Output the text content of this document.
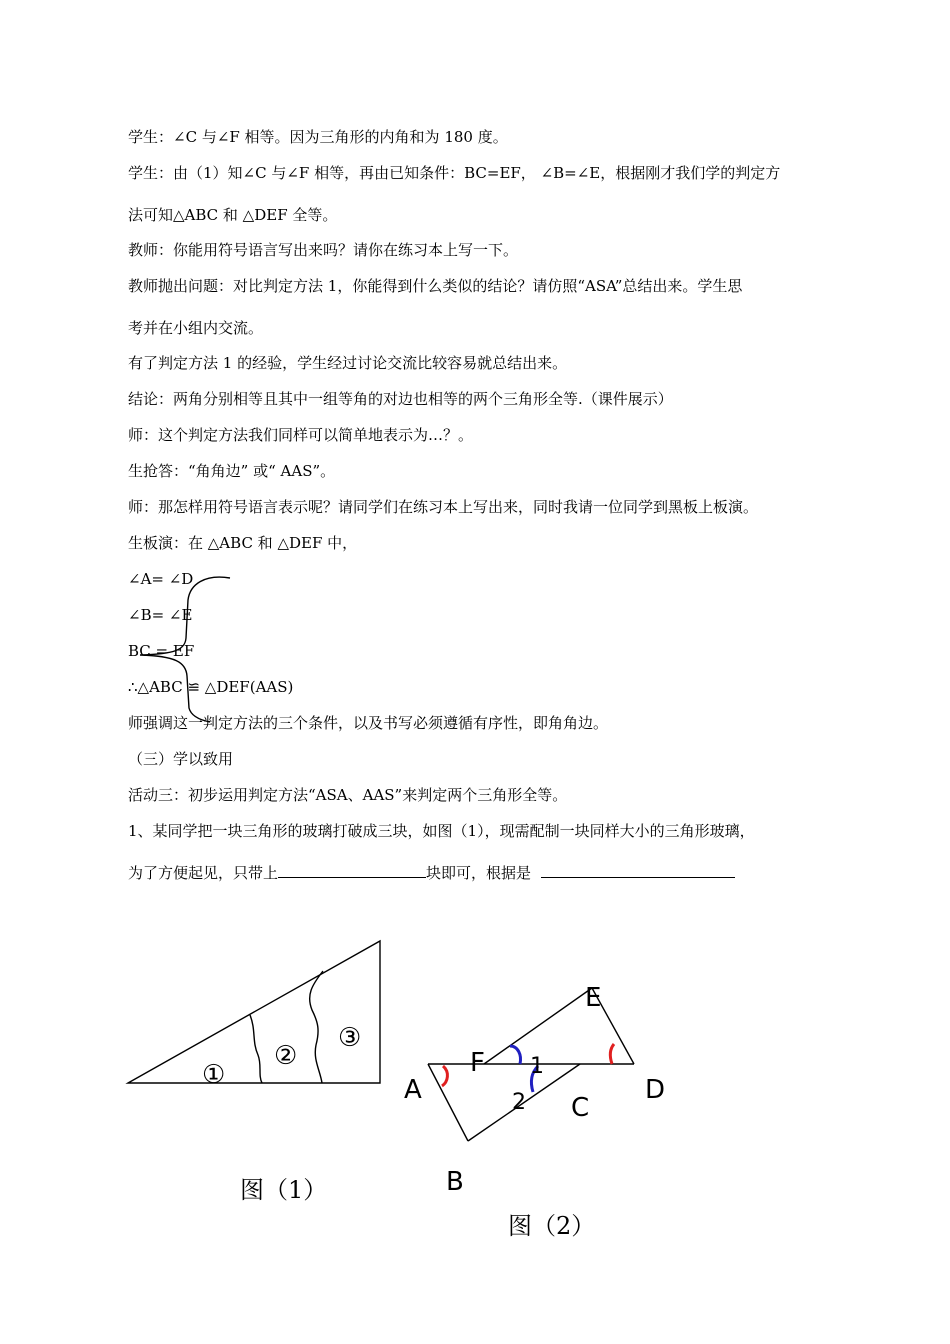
学生：∠C 与∠F 相等。因为三角形的内角和为 180 度。
学生：由（1）知∠C 与∠F 相等，再由已知条件：BC=EF， ∠B=∠E，根据刚才我们学的判定方
法可知△ABC 和 △DEF 全等。
教师：你能用符号语言写出来吗？请你在练习本上写一下。
教师抛出问题：对比判定方法 1，你能得到什么类似的结论？请仿照“ASA”总结出来。学生思
考并在小组内交流。
有了判定方法 1 的经验，学生经过讨论交流比较容易就总结出来。
结论：两角分别相等且其中一组等角的对边也相等的两个三角形全等.（课件展示）
师：这个判定方法我们同样可以简单地表示为…？。
生抢答：“角角边” 或“ AAS”。
师：那怎样用符号语言表示呢？请同学们在练习本上写出来，同时我请一位同学到黑板上板演。
生板演：在 △ABC 和 △DEF 中，
∠A= ∠D
∠B= ∠E
BC = EF
∴△ABC ≌ △DEF(AAS)
师强调这一判定方法的三个条件，以及书写必须遵循有序性，即角角边。
（三）学以致用
活动三：初步运用判定方法“ASA、AAS”来判定两个三角形全等。
1、某同学把一块三角形的玻璃打破成三块，如图（1），现需配制一块同样大小的三角形玻璃，
为了方便起见，只带上	块即可，根据是
①
②
③
图（1）
E
F 1
A	2 C
D
B
图（2）
